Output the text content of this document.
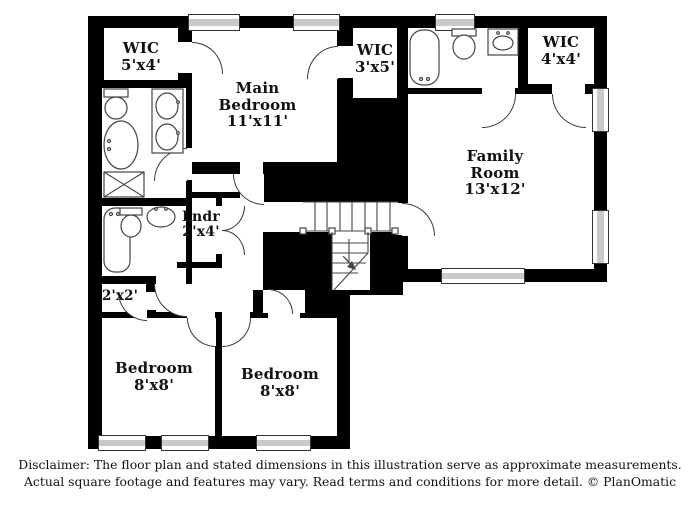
WIC
5'x4'
Main Bedroom 11'x11'
WIC
3'x5'
WIC
4'x4'
Family Room 13'x12'
Lndr
2'x4'
2'x2'
Bedroom
8'x8'
Bedroom
8'x8'
Disclaimer: The floor plan and stated dimensions in this illustration serve as approximate measurements.
Actual square footage and features may vary. Read terms and conditions for more detail. © PlanOmatic
